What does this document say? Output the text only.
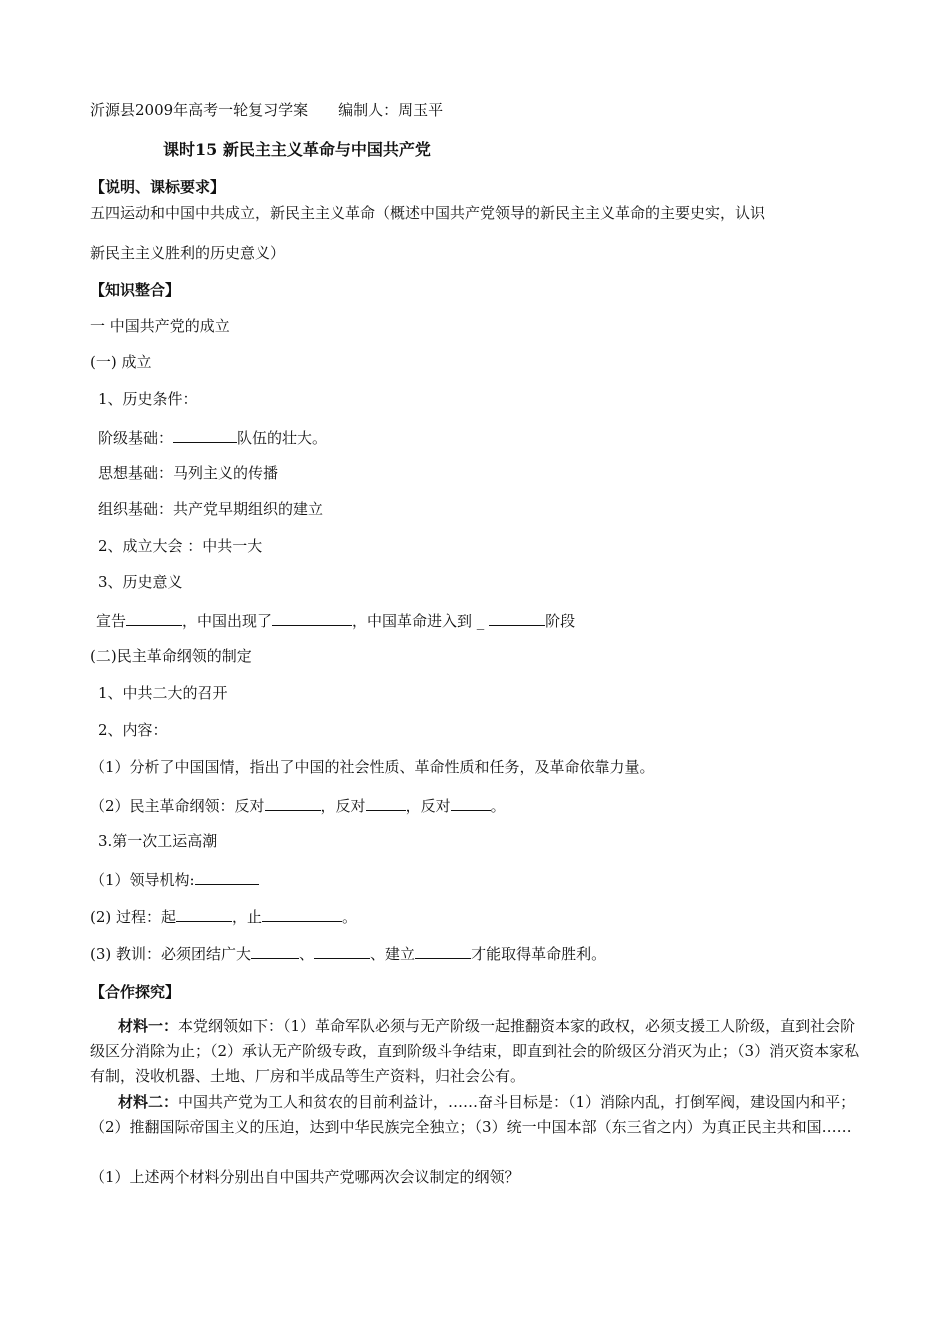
沂源县2009年高考一轮复习学案　　编制人：周玉平
课时15 新民主主义革命与中国共产党
【说明、课标要求】
五四运动和中国中共成立，新民主主义革命（概述中国共产党领导的新民主主义革命的主要史实，认识
新民主主义胜利的历史意义）
【知识整合】
一 中国共产党的成立
(一) 成立
1、历史条件：
阶级基础：	队伍的壮大。
思想基础：马列主义的传播
组织基础：共产党早期组织的建立
2、成立大会 ：中共一大
3、历史意义
宣告	，中国出现了	，中国革命进入到 _	阶段
(二)民主革命纲领的制定
1、中共二大的召开
2、内容：
（1）分析了中国国情，指出了中国的社会性质、革命性质和任务，及革命依靠力量。
（2）民主革命纲领：反对	，反对	，反对	。
3.第一次工运高潮
（1）领导机构:
(2) 过程：起	，止	。
(3) 教训：必须团结广大	、	、建立	才能取得革命胜利。
【合作探究】
材料一：本党纲领如下：（1）革命军队必须与无产阶级一起推翻资本家的政权，必须支援工人阶级，直到社会阶级区分消除为止；（2）承认无产阶级专政，直到阶级斗争结束，即直到社会的阶级区分消灭为止；（3）消灭资本家私有制，没收机器、土地、厂房和半成品等生产资料，归社会公有。
材料二：中国共产党为工人和贫农的目前利益计，……奋斗目标是：（1）消除内乱，打倒军阀，建设国内和平；（2）推翻国际帝国主义的压迫，达到中华民族完全独立；（3）统一中国本部（东三省之内）为真正民主共和国……
（1）上述两个材料分别出自中国共产党哪两次会议制定的纲领？
